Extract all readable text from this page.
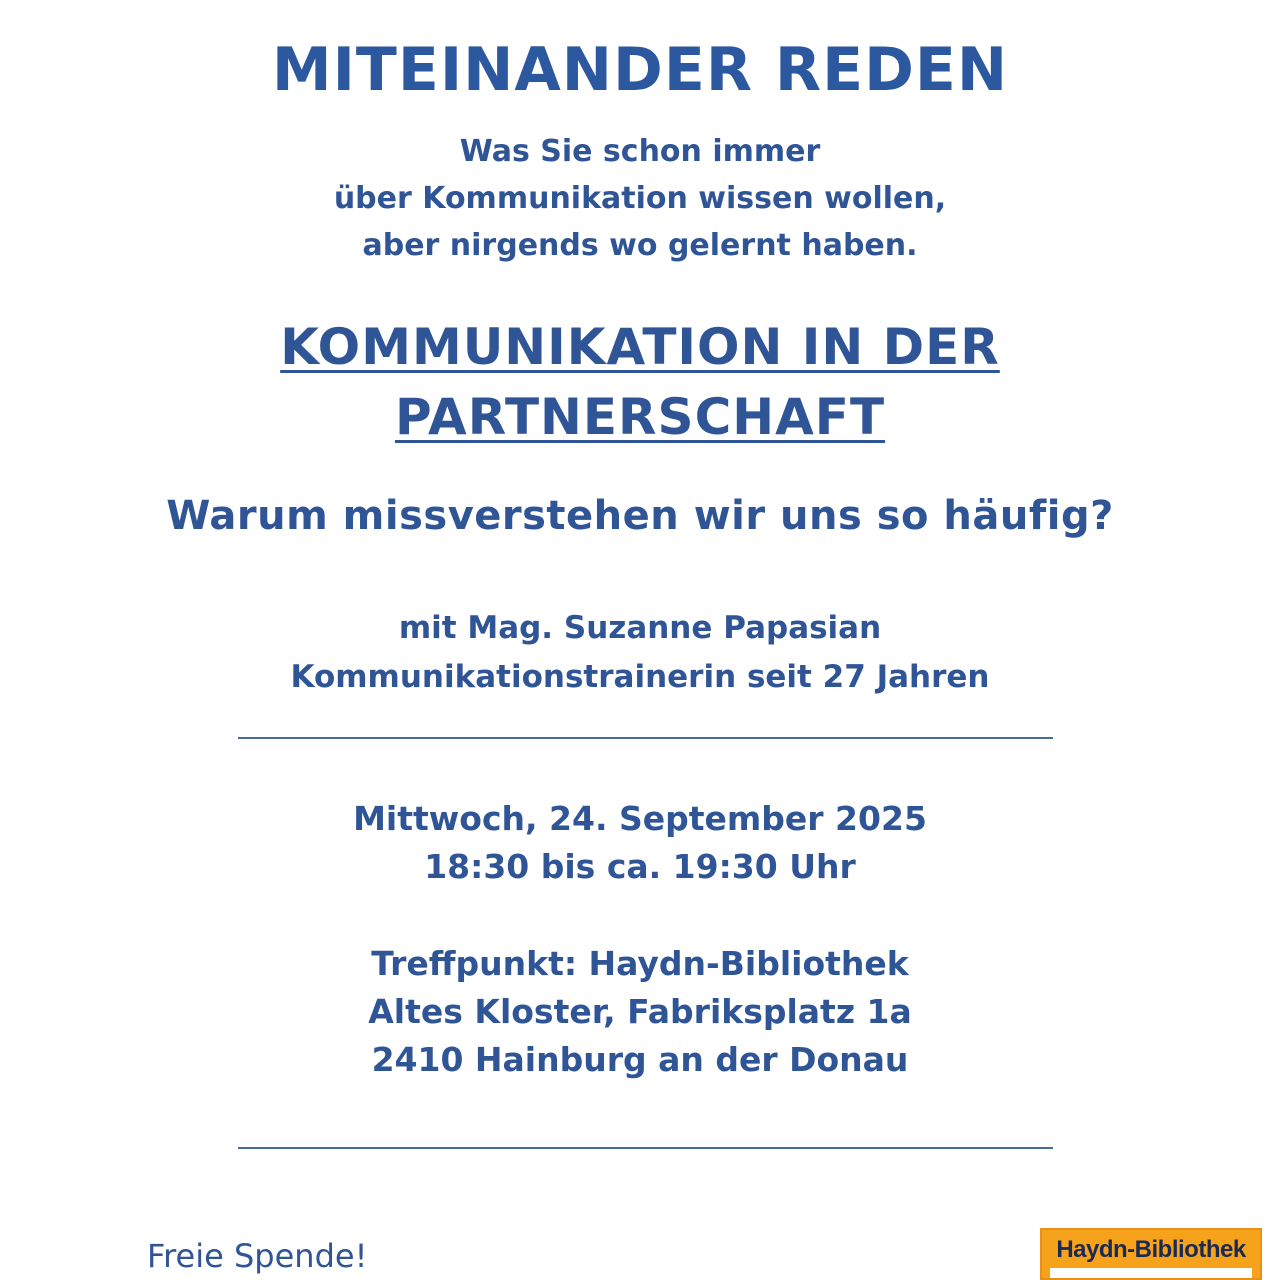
MITEINANDER REDEN
Was Sie schon immer
über Kommunikation wissen wollen,
aber nirgends wo gelernt haben.
KOMMUNIKATION IN DER
PARTNERSCHAFT
Warum missverstehen wir uns so häufig?
mit Mag. Suzanne Papasian
Kommunikationstrainerin seit 27 Jahren
Mittwoch, 24. September 2025
18:30 bis ca. 19:30 Uhr
Treffpunkt: Haydn-Bibliothek
Altes Kloster, Fabriksplatz 1a
2410 Hainburg an der Donau
Freie Spende!	Haydn-Bibliothek
